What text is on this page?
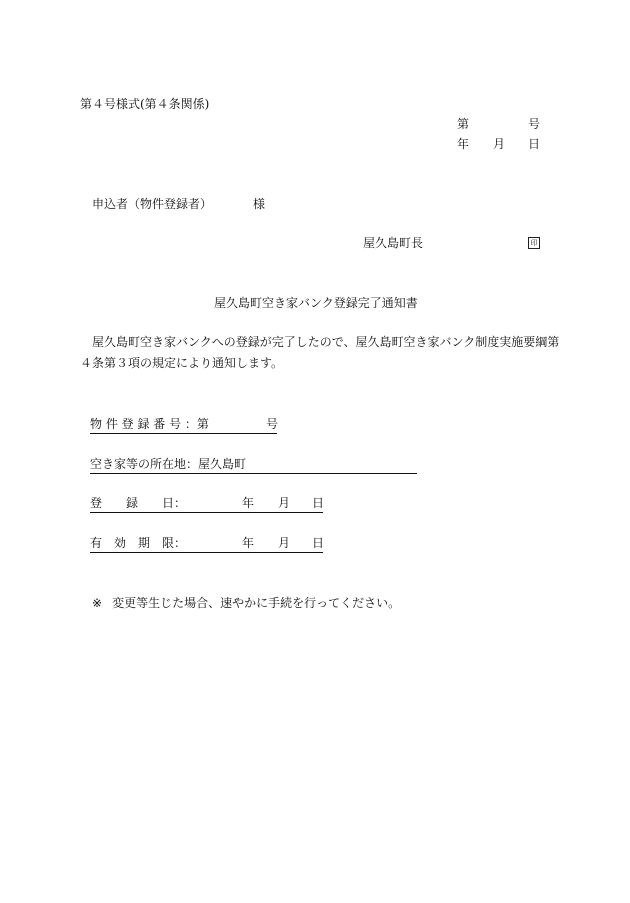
第４号様式(第４条関係)
第	号
年 月 日
申込者（物件登録者）	様
屋久島町長	印
屋久島町空き家バンク登録完了通知書
屋久島町空き家バンクへの登録が完了したので、屋久島町空き家バンク制度実施要綱第
４条第３項の規定により通知します。
物 件 登 録 番 号 ：第	号
空き家等の所在地：屋久島町
登　　録　　日：	年 月 日
有　効　期　限：	年 月 日
※ 変更等生じた場合、速やかに手続を行ってください。
